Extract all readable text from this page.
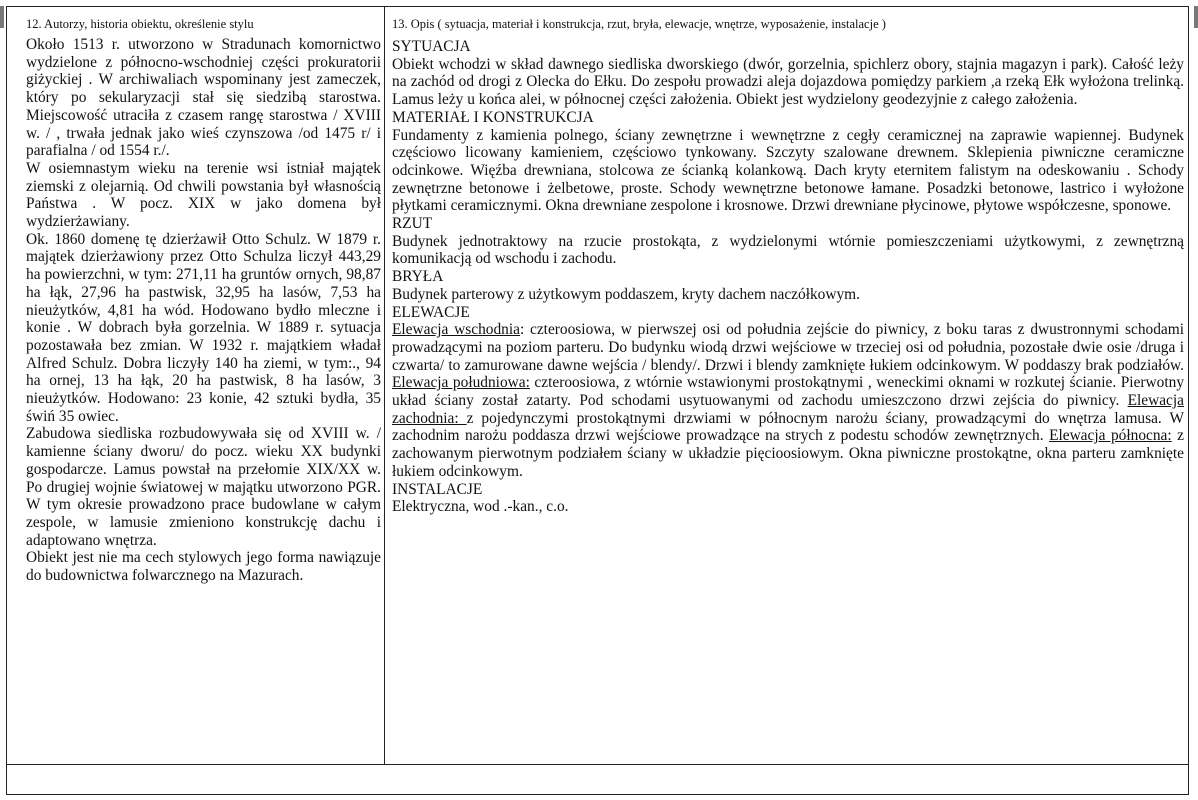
12. Autorzy, historia obiektu, określenie stylu

Około 1513 r. utworzono w Stradunach komornictwo wydzielone z północno-wschodniej części prokuratorii giżyckiej . W archiwaliach wspominany jest zameczek, który po sekularyzacji stał się siedzibą starostwa. Miejscowość utraciła z czasem rangę starostwa / XVIII w. / , trwała jednak jako wieś czynszowa /od 1475 r/ i parafialna / od 1554 r./.

W osiemnastym wieku na terenie wsi istniał majątek ziemski z olejarnią. Od chwili powstania był własnością Państwa . W pocz. XIX w jako domena był wydzierżawiany.

Ok. 1860 domenę tę dzierżawił Otto Schulz. W 1879 r. majątek dzierżawiony przez Otto Schulza liczył 443,29 ha powierzchni, w tym: 271,11 ha gruntów ornych, 98,87 ha łąk, 27,96 ha pastwisk, 32,95 ha lasów, 7,53 ha nieużytków, 4,81 ha wód. Hodowano bydło mleczne i konie . W dobrach była gorzelnia. W 1889 r. sytuacja pozostawała bez zmian. W 1932 r. majątkiem władał Alfred Schulz. Dobra liczyły 140 ha ziemi, w tym:., 94 ha ornej, 13 ha łąk, 20 ha pastwisk, 8 ha lasów, 3 nieużytków. Hodowano: 23 konie, 42 sztuki bydła, 35 świń 35 owiec.

Zabudowa siedliska rozbudowywała się od XVIII w. / kamienne ściany dworu/ do pocz. wieku XX budynki gospodarcze. Lamus powstał na przełomie XIX/XX w. Po drugiej wojnie światowej w majątku utworzono PGR. W tym okresie prowadzono prace budowlane w całym zespole, w lamusie zmieniono konstrukcję dachu i adaptowano wnętrza.

Obiekt jest nie ma cech stylowych jego forma nawiązuje do budownictwa folwarcznego na Mazurach.

13. Opis ( sytuacja, materiał i konstrukcja, rzut, bryła, elewacje, wnętrze, wyposażenie, instalacje )

SYTUACJA

Obiekt wchodzi w skład dawnego siedliska dworskiego (dwór, gorzelnia, spichlerz obory, stajnia magazyn i park). Całość leży na zachód od drogi z Olecka do Ełku. Do zespołu prowadzi aleja dojazdowa pomiędzy parkiem ,a rzeką Ełk wyłożona trelinką. Lamus leży u końca alei, w północnej części założenia. Obiekt jest wydzielony geodezyjnie z całego założenia.

MATERIAŁ I KONSTRUKCJA

Fundamenty z kamienia polnego, ściany zewnętrzne i wewnętrzne z cegły ceramicznej na zaprawie wapiennej. Budynek częściowo licowany kamieniem, częściowo tynkowany. Szczyty szalowane drewnem. Sklepienia piwniczne ceramiczne odcinkowe. Więźba drewniana, stolcowa ze ścianką kolankową. Dach kryty eternitem falistym na odeskowaniu . Schody zewnętrzne betonowe i żelbetowe, proste. Schody wewnętrzne betonowe łamane. Posadzki betonowe, lastrico i wyłożone płytkami ceramicznymi. Okna drewniane zespolone i krosnowe. Drzwi drewniane płycinowe, płytowe współczesne, sponowe.

RZUT

Budynek jednotraktowy na rzucie prostokąta, z wydzielonymi wtórnie pomieszczeniami użytkowymi, z zewnętrzną komunikacją od wschodu i zachodu.

BRYŁA

Budynek parterowy z użytkowym poddaszem, kryty dachem naczółkowym.

ELEWACJE

Elewacja wschodnia: czteroosiowa, w pierwszej osi od południa zejście do piwnicy, z boku taras z dwustronnymi schodami prowadzącymi na poziom parteru. Do budynku wiodą drzwi wejściowe w trzeciej osi od południa, pozostałe dwie osie /druga i czwarta/ to zamurowane dawne wejścia / blendy/. Drzwi i blendy zamknięte łukiem odcinkowym. W poddaszy brak podziałów. Elewacja południowa: czteroosiowa, z wtórnie wstawionymi prostokątnymi , weneckimi oknami w rozkutej ścianie. Pierwotny układ ściany został zatarty. Pod schodami usytuowanymi od zachodu umieszczono drzwi zejścia do piwnicy. Elewacja zachodnia: z pojedynczymi prostokątnymi drzwiami w północnym narożu ściany, prowadzącymi do wnętrza lamusa. W zachodnim narożu poddasza drzwi wejściowe prowadzące na strych z podestu schodów zewnętrznych. Elewacja północna: z zachowanym pierwotnym podziałem ściany w układzie pięcioosiowym. Okna piwniczne prostokątne, okna parteru zamknięte łukiem odcinkowym.

INSTALACJE

Elektryczna, wod .-kan., c.o.
